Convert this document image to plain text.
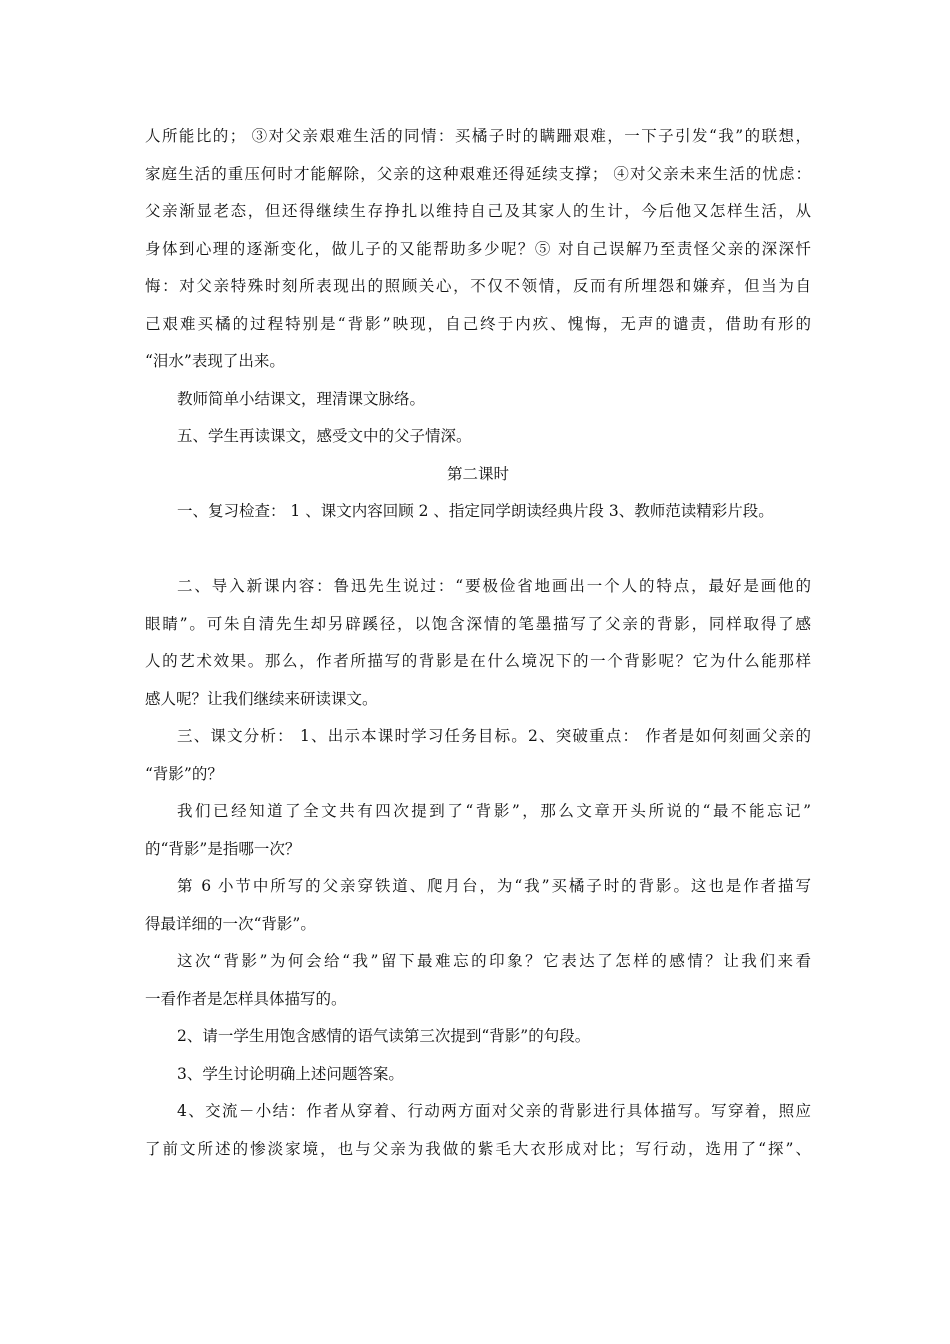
人所能比的； ③对父亲艰难生活的同情：买橘子时的瞒跚艰难，一下子引发“我”的联想，
家庭生活的重压何时才能解除，父亲的这种艰难还得延续支撑； ④对父亲未来生活的忧虑：
父亲渐显老态，但还得继续生存挣扎以维持自己及其家人的生计，今后他又怎样生活，从
身体到心理的逐渐变化，做儿子的又能帮助多少呢？⑤ 对自己误解乃至责怪父亲的深深忏
悔：对父亲特殊时刻所表现出的照顾关心，不仅不领情，反而有所埋怨和嫌弃，但当为自
己艰难买橘的过程特别是“背影”映现，自己终于内疚、愧悔，无声的谴责，借助有形的
“泪水”表现了出来。
教师简单小结课文，理清课文脉络。
五、学生再读课文，感受文中的父子情深。
第二课时
一、复习检查： 1 、课文内容回顾 2 、指定同学朗读经典片段 3、教师范读精彩片段。
二、导入新课内容：鲁迅先生说过：“要极俭省地画出一个人的特点，最好是画他的
眼睛”。可朱自清先生却另辟蹊径，以饱含深情的笔墨描写了父亲的背影，同样取得了感
人的艺术效果。那么，作者所描写的背影是在什么境况下的一个背影呢？它为什么能那样
感人呢？让我们继续来研读课文。
三、课文分析： 1、出示本课时学习任务目标。2、突破重点： 作者是如何刻画父亲的
“背影”的？
我们已经知道了全文共有四次提到了“背影”，那么文章开头所说的“最不能忘记”
的“背影”是指哪一次？
第 6 小节中所写的父亲穿铁道、爬月台，为“我”买橘子时的背影。这也是作者描写
得最详细的一次“背影”。
这次“背影”为何会给“我”留下最难忘的印象？它表达了怎样的感情？让我们来看
一看作者是怎样具体描写的。
2、请一学生用饱含感情的语气读第三次提到“背影”的句段。
3、学生讨论明确上述问题答案。
4、交流－小结：作者从穿着、行动两方面对父亲的背影进行具体描写。写穿着，照应
了前文所述的惨淡家境，也与父亲为我做的紫毛大衣形成对比；写行动，选用了“探”、
